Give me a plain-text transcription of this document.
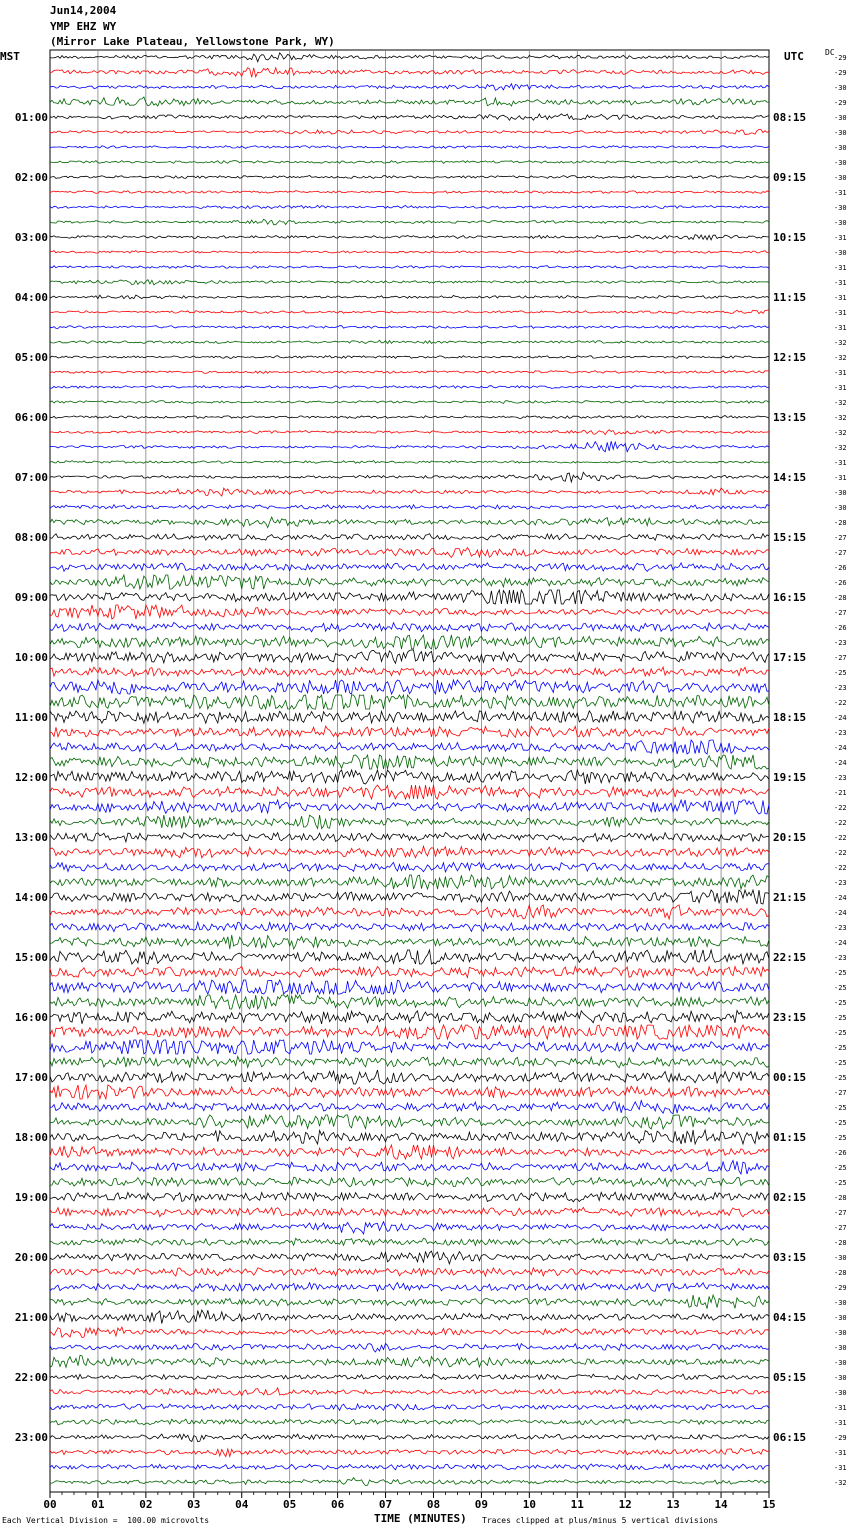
00	01	02	03	04	05	06	07	08	09	10	11	12	13	14	15
-29
-29
-30
-29
-30
-30
-30
-30
-30
-31
-30
-30
-31
-30
-31
-31
-31
-31
-31
-32
-32
-31
-31
-32
-32
-32
-32
-31
-31
-30
-30
-28
-27
-27
-26
-26
-28
-27
-26
-23
-27
-25
-23
-22
-24
-23
-24
-24
-23
-21
-22
-22
-22
-22
-22
-23
-24
-24
-23
-24
-23
-25
-25
-25
-25
-25
-25
-25
-25
-27
-25
-25
-25
-26
-25
-25
-28
-27
-27
-28
-30
-28
-29
-30
-30
-30
-30
-30
-30
-30
-31
-31
-29
-31
-31
-32
01:00	08:15
02:00	09:15
03:00	10:15
04:00	11:15
05:00	12:15
06:00	13:15
07:00	14:15
08:00	15:15
09:00	16:15
10:00	17:15
11:00	18:15
12:00	19:15
13:00	20:15
14:00	21:15
15:00	22:15
16:00	23:15
17:00	00:15
18:00	01:15
19:00	02:15
20:00	03:15
21:00	04:15
22:00	05:15
23:00	06:15
Jun14,2004
YMP EHZ WY
(Mirror Lake Plateau, Yellowstone Park, WY)
MST	UTC	DC
Each Vertical Division =  100.00 microvolts	TIME (MINUTES) Traces clipped at plus/minus 5 vertical divisions
